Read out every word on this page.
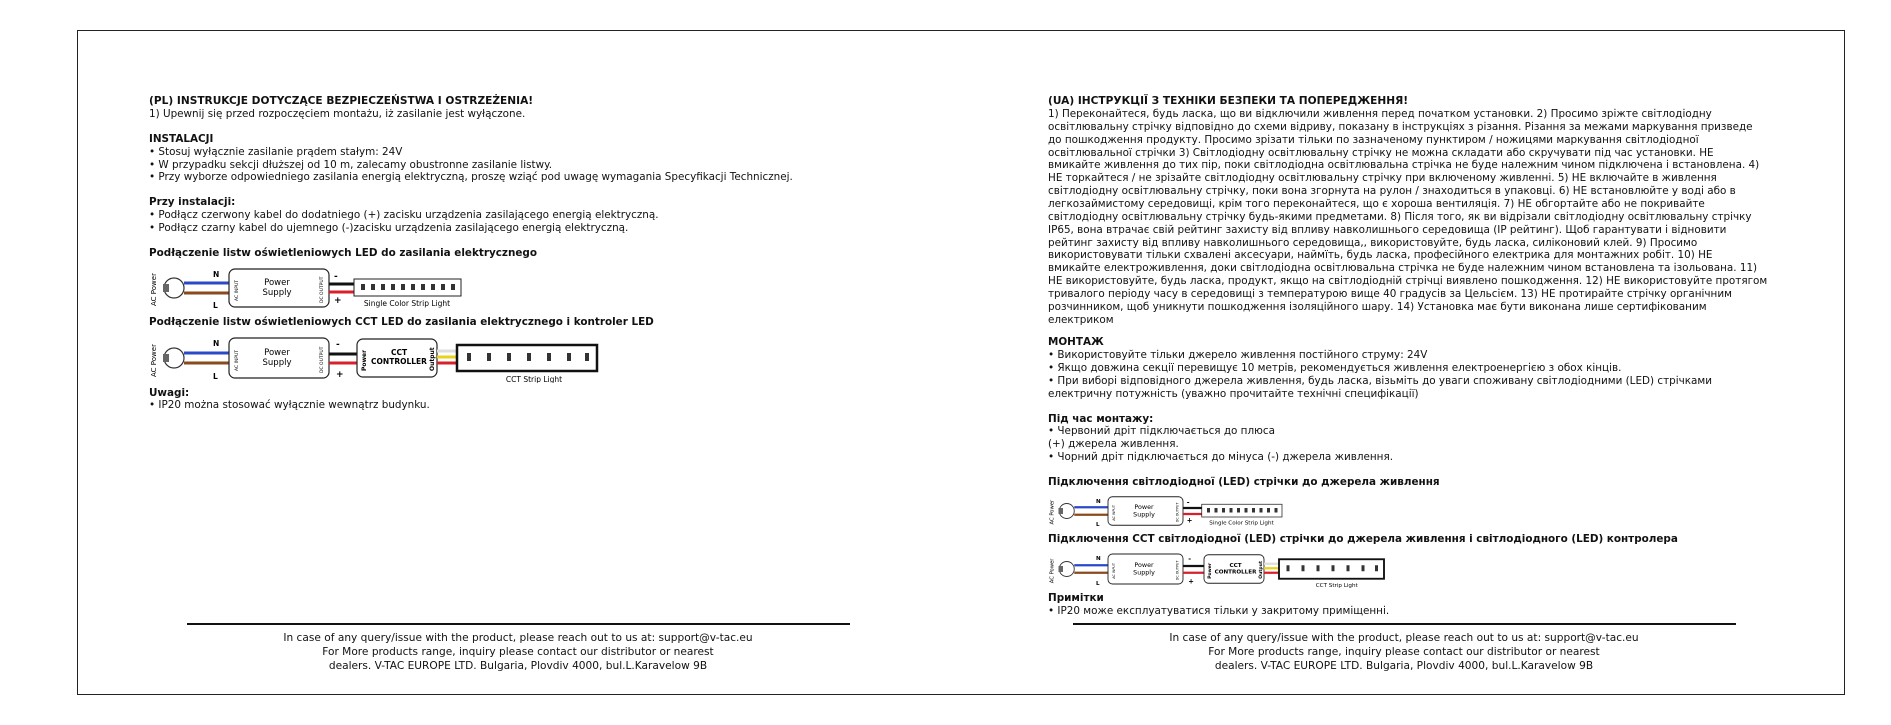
(PL) INSTRUKCJE DOTYCZĄCE BEZPIECZEŃSTWA I OSTRZEŻENIA!

1) Upewnij się przed rozpoczęciem montażu, iż zasilanie jest wyłączone.

INSTALACJI
• Stosuj wyłącznie zasilanie prądem stałym: 24V
• W przypadku sekcji dłuższej od 10 m, zalecamy obustronne zasilanie listwy.
• Przy wyborze odpowiedniego zasilania energią elektryczną, proszę wziąć pod uwagę wymagania Specyfikacji Technicznej.
Przy instalacji:
• Podłącz czerwony kabel do dodatniego (+) zacisku urządzenia zasilającego energią elektryczną.
• Podłącz czarny kabel do ujemnego (-)zacisku urządzenia zasilającego energią elektryczną.
Podłączenie listw oświetleniowych LED do zasilania elektrycznego
AC Power	N
L
AC INPUT	Power
Supply	DC OUTPUT -
+	Single Color Strip Light
Podłączenie listw oświetleniowych CCT LED do zasilania elektrycznego i kontroler LED
AC Power
N
L
AC INPUT	Power
Supply	DC OUTPUT
-
+
Power	CCT
CONTROLLER Output
CCT Strip Light
Uwagi:
• IP20 można stosować wyłącznie wewnątrz budynku.
(UA) ІНСТРУКЦІЇ З ТЕХНІКИ БЕЗПЕКИ ТА ПОПЕРЕДЖЕННЯ!

1) Переконайтеся, будь ласка, що ви відключили живлення перед початком установки. 2) Просимо зріжте світлодіодну освітлювальну стрічку відповідно до схеми відриву, показану в інструкціях з різання. Різання за межами маркування призведе до пошкодження продукту. Просимо зрізати тільки по зазначеному пунктиром / ножицями маркування світлодіодної освітлювальної стрічки 3) Світлодіодну освітлювальну стрічку не можна складати або скручувати під час установки. НЕ вмикайте живлення до тих пір, поки світлодіодна освітлювальна стрічка не буде належним чином підключена і встановлена. 4) НЕ торкайтеся / не зрізайте світлодіодну освітлювальну стрічку при включеному живленні. 5) НЕ включайте в живлення світлодіодну освітлювальну стрічку, поки вона згорнута на рулон / знаходиться в упаковці. 6) НЕ встановлюйте у воді або в легкозаймистому середовищі, крім того переконайтеся, що є хороша вентиляція. 7) НЕ обгортайте або не покривайте світлодіодну освітлювальну стрічку будь-якими предметами. 8) Після того, як ви відрізали світлодіодну освітлювальну стрічку IP65, вона втрачає свій рейтинг захисту від впливу навколишнього середовища (IP рейтинг). Щоб гарантувати і відновити рейтинг захисту від впливу навколишнього середовища,, використовуйте, будь ласка, силіконовий клей. 9) Просимо використовувати тільки схвалені аксесуари, наймїть, будь ласка, професійного електрика для монтажних робіт. 10) НЕ вмикайте електроживлення, доки світлодіодна освітлювальна стрічка не буде належним чином встановлена та ізольована. 11) НЕ використовуйте, будь ласка, продукт, якщо на світлодіодній стрічці виявлено пошкодження. 12) НЕ використовуйте протягом тривалого періоду часу в середовищі з температурою вище 40 градусів за Цельсієм. 13) НЕ протирайте стрічку органічним розчинником, щоб уникнути пошкодження ізоляційного шару. 14) Установка має бути виконана лише сертифікованим електриком

МОНТАЖ
• Використовуйте тільки джерело живлення постійного струму: 24V
• Якщо довжина секції перевищує 10 метрів, рекомендується живлення електроенергією з обох кінців.
• При виборі відповідного джерела живлення, будь ласка, візьміть до уваги споживану світлодіодними (LED) стрічками електричну потужність (уважно прочитайте технічні специфікації)
Під час монтажу:
• Червоний дріт підключається до плюса
(+) джерела живлення.
• Чорний дріт підключається до мінуса (-) джерела живлення.
Підключення світлодіодної (LED) стрічки до джерела живлення
AC Power	N
L
AC INPUT Power
Supply	DC OUTPUT
-
+ Single Color Strip Light
Підключення CCT світлодіодної (LED) стрічки до джерела живлення і світлодіодного (LED) контролера
AC Power	N
L
AC INPUT Power
Supply	DC OUTPUT
-
+
Power CCT
CONTROLLER Output
CCT Strip Light
Примітки
• IP20 може експлуатуватися тільки у закритому приміщенні.
In case of any query/issue with the product, please reach out to us at: support@v-tac.eu
For More products range, inquiry please contact our distributor or nearest
dealers. V-TAC EUROPE LTD. Bulgaria, Plovdiv 4000, bul.L.Karavelow 9B
In case of any query/issue with the product, please reach out to us at: support@v-tac.eu
For More products range, inquiry please contact our distributor or nearest
dealers. V-TAC EUROPE LTD. Bulgaria, Plovdiv 4000, bul.L.Karavelow 9B
